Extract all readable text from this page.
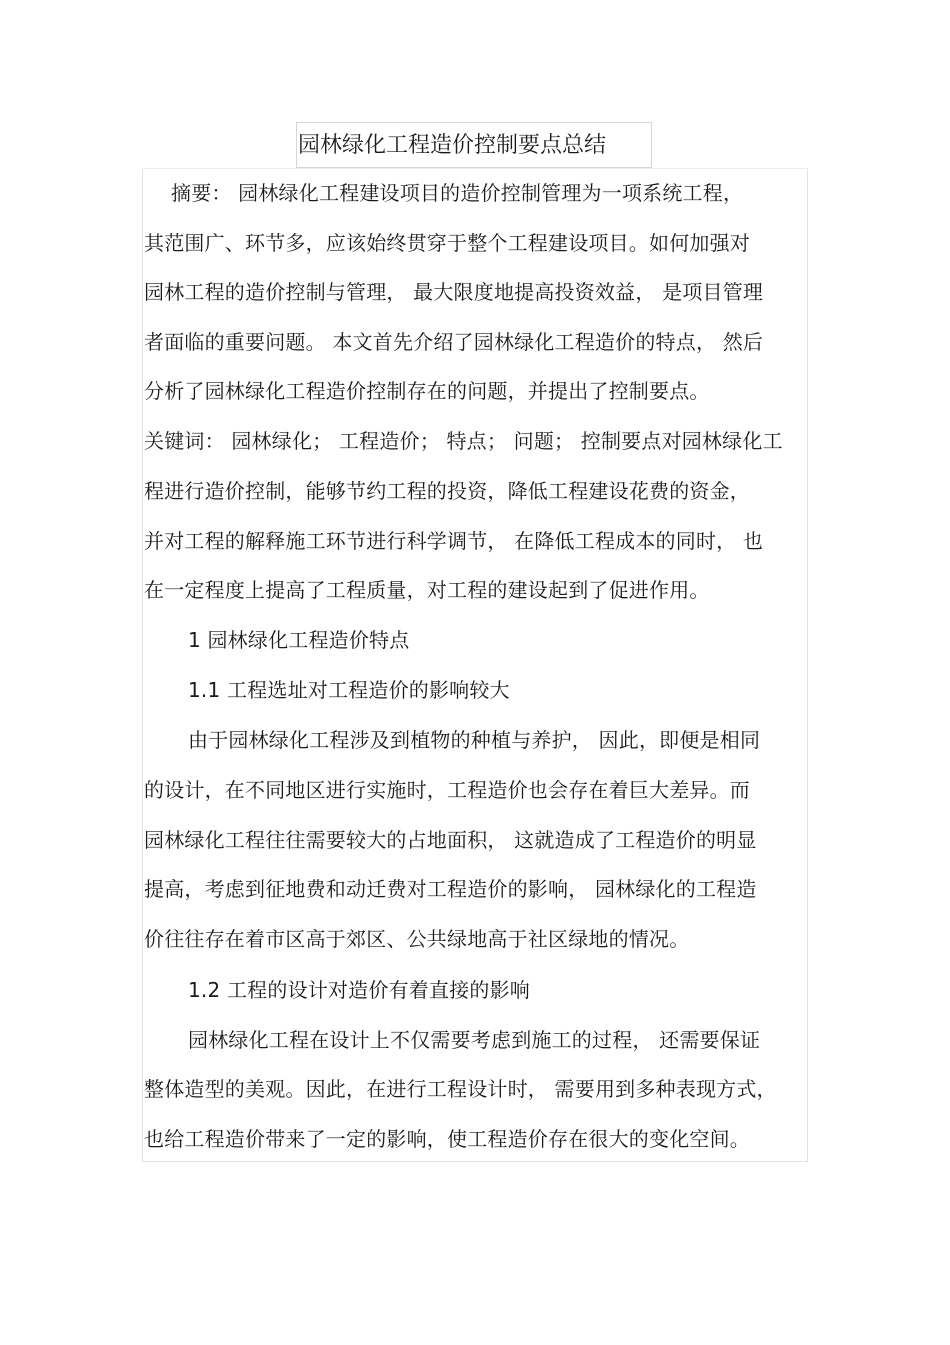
园林绿化工程造价控制要点总结
摘要： 园林绿化工程建设项目的造价控制管理为一项系统工程，
其范围广、环节多，应该始终贯穿于整个工程建设项目。如何加强对
园林工程的造价控制与管理， 最大限度地提高投资效益， 是项目管理
者面临的重要问题。 本文首先介绍了园林绿化工程造价的特点， 然后
分析了园林绿化工程造价控制存在的问题，并提出了控制要点。
关键词： 园林绿化； 工程造价； 特点； 问题； 控制要点对园林绿化工
程进行造价控制，能够节约工程的投资，降低工程建设花费的资金，
并对工程的解释施工环节进行科学调节， 在降低工程成本的同时， 也
在一定程度上提高了工程质量，对工程的建设起到了促进作用。
1 园林绿化工程造价特点
1.1 工程选址对工程造价的影响较大
由于园林绿化工程涉及到植物的种植与养护， 因此，即便是相同
的设计，在不同地区进行实施时，工程造价也会存在着巨大差异。而
园林绿化工程往往需要较大的占地面积， 这就造成了工程造价的明显
提高，考虑到征地费和动迁费对工程造价的影响， 园林绿化的工程造
价往往存在着市区高于郊区、公共绿地高于社区绿地的情况。
1.2 工程的设计对造价有着直接的影响
园林绿化工程在设计上不仅需要考虑到施工的过程， 还需要保证
整体造型的美观。因此，在进行工程设计时， 需要用到多种表现方式，
也给工程造价带来了一定的影响，使工程造价存在很大的变化空间。
